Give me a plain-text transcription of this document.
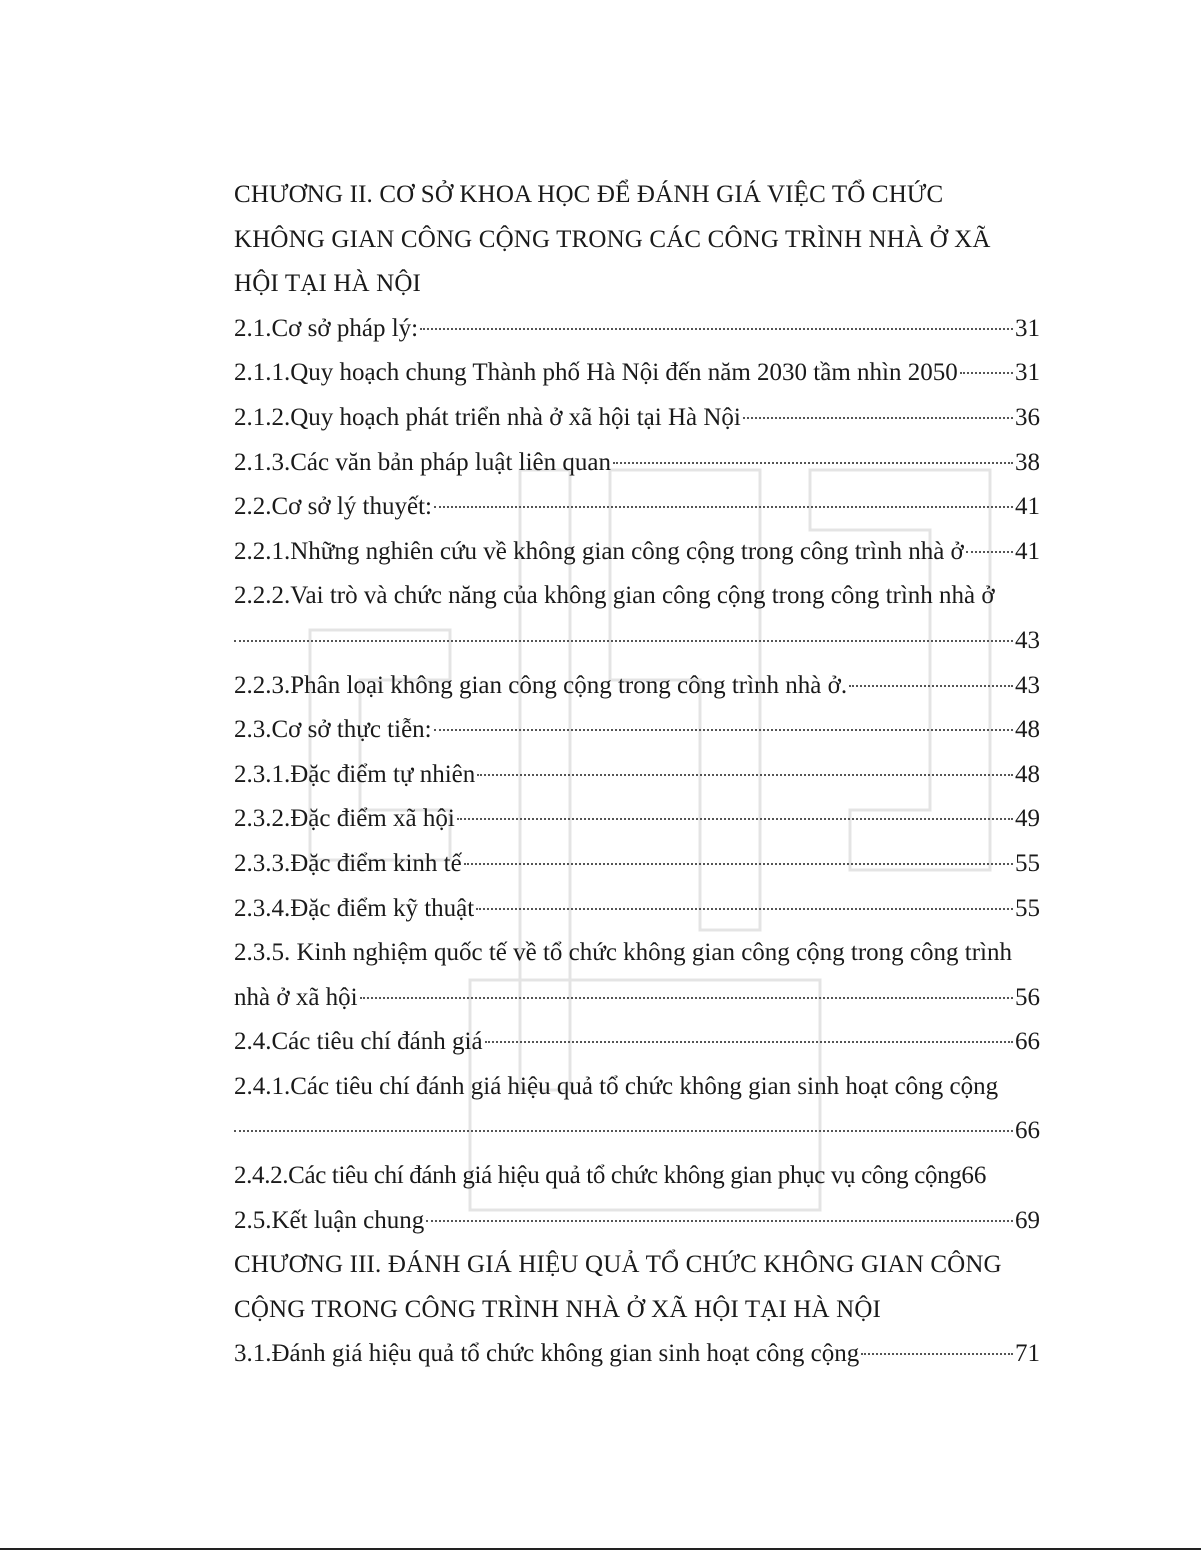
CHƯƠNG II. CƠ SỞ KHOA HỌC ĐỂ ĐÁNH GIÁ VIỆC TỔ CHỨC
KHÔNG GIAN CÔNG CỘNG TRONG CÁC CÔNG TRÌNH NHÀ Ở XÃ
HỘI TẠI HÀ NỘI
2.1.Cơ sở pháp lý:	31
2.1.1.Quy hoạch chung Thành phố Hà Nội đến năm 2030 tầm nhìn 2050 31
2.1.2.Quy hoạch phát triển nhà ở xã hội tại Hà Nội	36
2.1.3.Các văn bản pháp luật liên quan	38
2.2.Cơ sở lý thuyết:	41
2.2.1.Những nghiên cứu về không gian công cộng trong công trình nhà ở 41
2.2.2.Vai trò và chức năng của không gian công cộng trong công trình nhà ở
43
2.2.3.Phân loại không gian công cộng trong công trình nhà ở.	43
2.3.Cơ sở thực tiễn:	48
2.3.1.Đặc điểm tự nhiên	48
2.3.2.Đặc điểm xã hội	49
2.3.3.Đặc điểm kinh tế	55
2.3.4.Đặc điểm kỹ thuật	55
2.3.5. Kinh nghiệm quốc tế về tổ chức không gian công cộng trong công trình
nhà ở xã hội	56
2.4.Các tiêu chí đánh giá	66
2.4.1.Các tiêu chí đánh giá hiệu quả tổ chức không gian sinh hoạt công cộng
66
2.4.2.Các tiêu chí đánh giá hiệu quả tổ chức không gian phục vụ công cộng 66
2.5.Kết luận chung	69
CHƯƠNG III. ĐÁNH GIÁ HIỆU QUẢ TỔ CHỨC KHÔNG GIAN CÔNG
CỘNG TRONG CÔNG TRÌNH NHÀ Ở XÃ HỘI TẠI HÀ NỘI
3.1.Đánh giá hiệu quả tổ chức không gian sinh hoạt công cộng	71
